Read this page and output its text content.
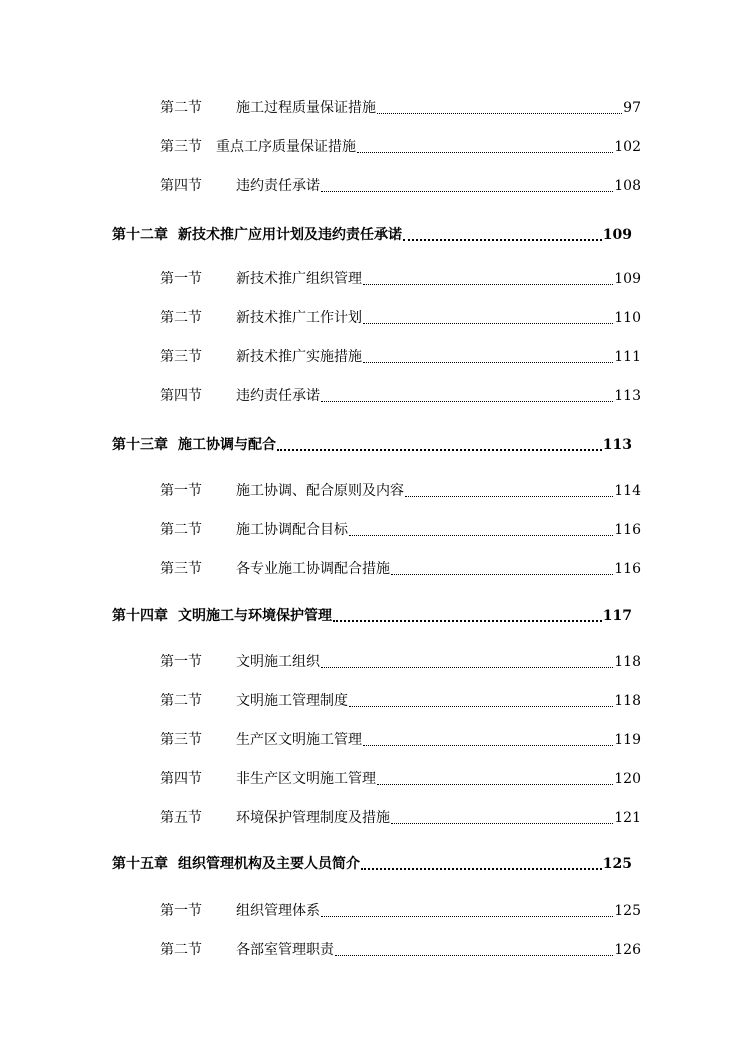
第二节	施工过程质量保证措施	97
第三节	重点工序质量保证措施	102
第四节	违约责任承诺	108
第十二章 新技术推广应用计划及违约责任承诺	109
第一节	新技术推广组织管理	109
第二节	新技术推广工作计划	110
第三节	新技术推广实施措施	111
第四节	违约责任承诺	113
第十三章 施工协调与配合	113
第一节	施工协调、配合原则及内容	114
第二节	施工协调配合目标	116
第三节	各专业施工协调配合措施	116
第十四章 文明施工与环境保护管理	117
第一节	文明施工组织	118
第二节	文明施工管理制度	118
第三节	生产区文明施工管理	119
第四节	非生产区文明施工管理	120
第五节	环境保护管理制度及措施	121
第十五章 组织管理机构及主要人员简介	125
第一节	组织管理体系	125
第二节	各部室管理职责	126
